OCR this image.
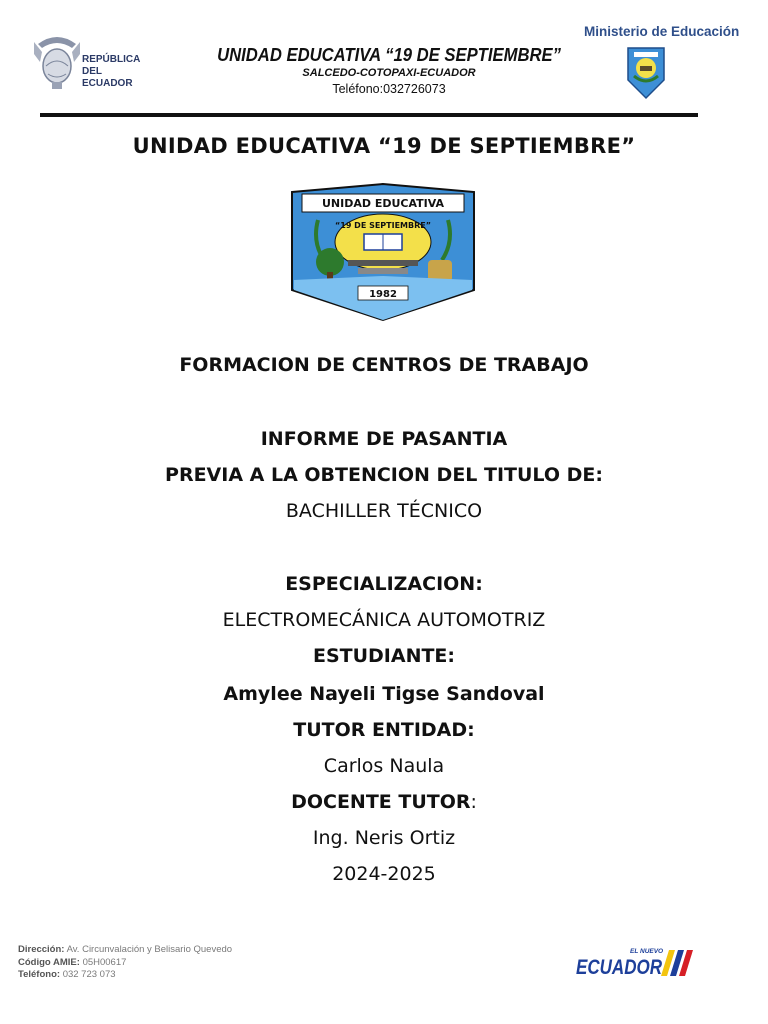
REPÚBLICA
DEL ECUADOR
UNIDAD EDUCATIVA “19 DE SEPTIEMBRE”
SALCEDO-COTOPAXI-ECUADOR
Teléfono:032726073
Ministerio de Educación
UNIDAD EDUCATIVA “19 DE SEPTIEMBRE”
UNIDAD EDUCATIVA
“19 DE SEPTIEMBRE”
1982
FORMACION DE CENTROS DE TRABAJO
INFORME DE PASANTIA
PREVIA A LA OBTENCION DEL TITULO DE:
BACHILLER TÉCNICO
ESPECIALIZACION:
ELECTROMECÁNICA AUTOMOTRIZ
ESTUDIANTE:
Amylee Nayeli Tigse Sandoval
TUTOR ENTIDAD:
Carlos Naula
DOCENTE TUTOR:
Ing. Neris Ortiz
2024-2025
Dirección: Av. Circunvalación y Belisario Quevedo
Código AMIE: 05H00617
Teléfono: 032 723 073
EL NUEVO
ECUADOR
